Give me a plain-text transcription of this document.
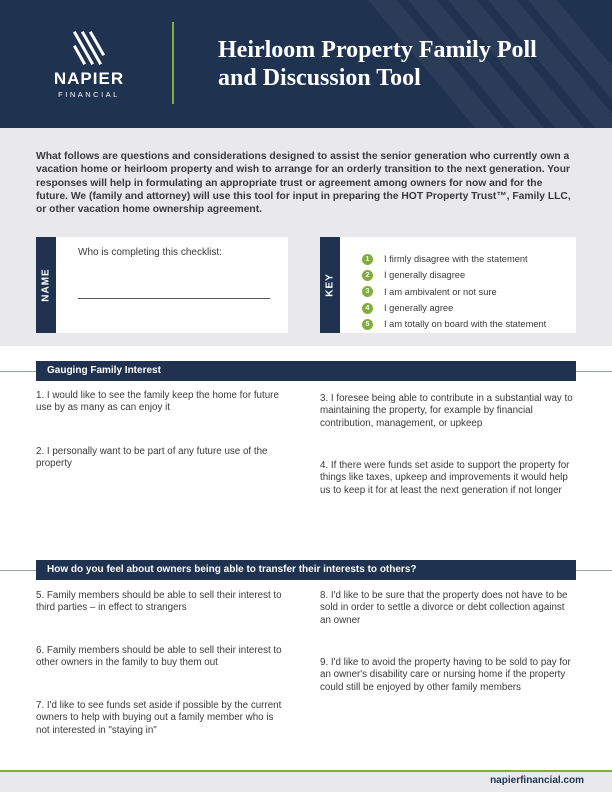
NAPIER
FINANCIAL
Heirloom Property Family Poll
and Discussion Tool
What follows are questions and considerations designed to assist the senior generation who currently own a vacation home or heirloom property and wish to arrange for an orderly transition to the next generation. Your responses will help in formulating an appropriate trust or agreement among owners for now and for the future. We (family and attorney) will use this tool for input in preparing the HOT Property Trust™, Family LLC, or other vacation home ownership agreement.
NAME
Who is completing this checklist:
KEY
1	I firmly disagree with the statement
2	I generally disagree
3	I am ambivalent or not sure
4	I generally agree
5	I am totally on board with the statement
Gauging Family Interest
1. I would like to see the family keep the home for future use by as many as can enjoy it
2. I personally want to be part of any future use of the property
3. I foresee being able to contribute in a substantial way to maintaining the property, for example by financial contribution, management, or upkeep
4. If there were funds set aside to support the property for things like taxes, upkeep and improvements it would help us to keep it for at least the next generation if not longer
How do you feel about owners being able to transfer their interests to others?
5. Family members should be able to sell their interest to third parties – in effect to strangers
6. Family members should be able to sell their interest to other owners in the family to buy them out
7. I'd like to see funds set aside if possible by the current owners to help with buying out a family member who is not interested in "staying in"
8. I'd like to be sure that the property does not have to be sold in order to settle a divorce or debt collection against an owner
9. I'd like to avoid the property having to be sold to pay for an owner's disability care or nursing home if the property could still be enjoyed by other family members
napierfinancial.com
